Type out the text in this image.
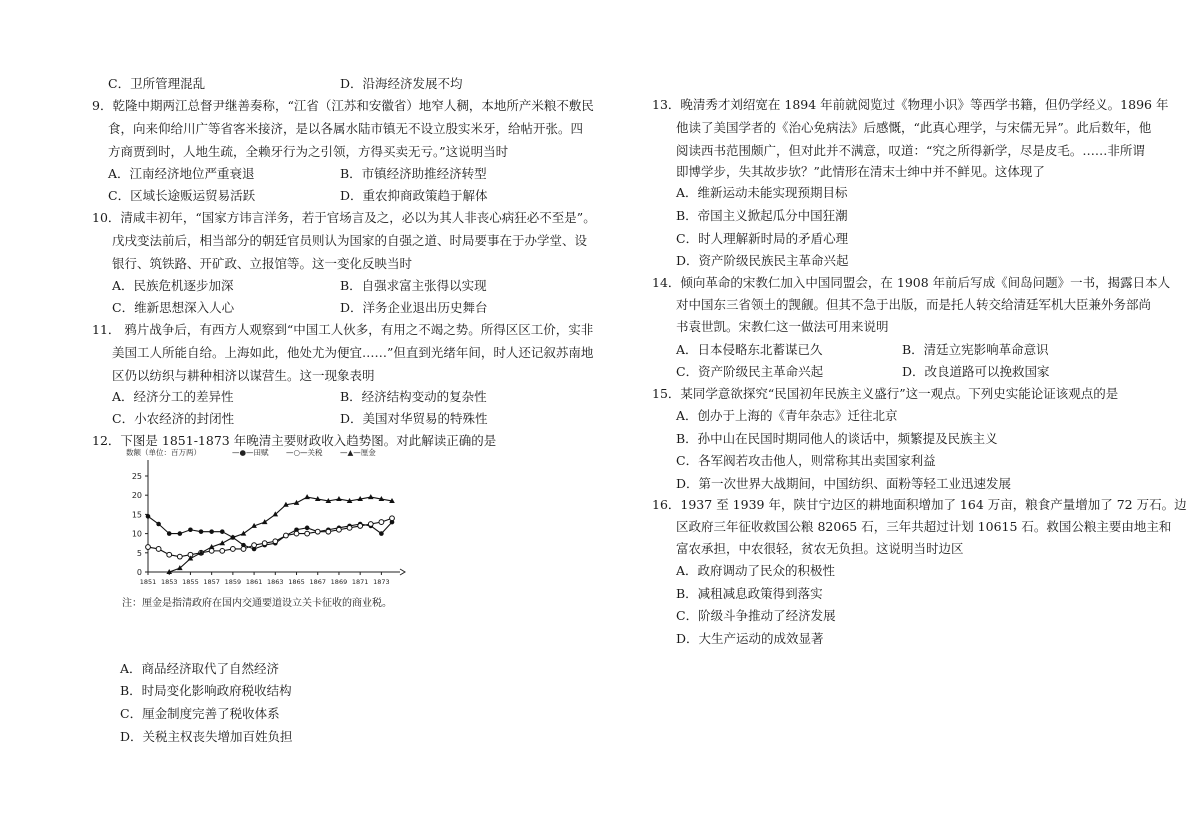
C．卫所管理混乱	D．沿海经济发展不均
9．乾隆中期两江总督尹继善奏称，“江省（江苏和安徽省）地窄人稠，本地所产米粮不敷民
食，向来仰给川广等省客米接济，是以各属水陆市镇无不设立殷实米牙，给帖开张。四
方商贾到时，人地生疏，全赖牙行为之引领，方得买卖无亏。”这说明当时
A．江南经济地位严重衰退	B．市镇经济助推经济转型
C．区域长途贩运贸易活跃	D．重农抑商政策趋于解体
10．清咸丰初年，“国家方讳言洋务，若于官场言及之，必以为其人非丧心病狂必不至是”。
戊戌变法前后，相当部分的朝廷官员则认为国家的自强之道、时局要事在于办学堂、设
银行、筑铁路、开矿政、立报馆等。这一变化反映当时
A．民族危机逐步加深	B．自强求富主张得以实现
C．维新思想深入人心	D．洋务企业退出历史舞台
11． 鸦片战争后，有西方人观察到“中国工人伙多，有用之不竭之势。所得区区工价，实非
美国工人所能自给。上海如此，他处尤为便宜……”但直到光绪年间，时人还记叙苏南地
区仍以纺织与耕种相济以谋营生。这一现象表明
A．经济分工的差异性	B．经济结构变动的复杂性
C．小农经济的封闭性	D．美国对华贸易的特殊性
12．下图是 1851-1873 年晚清主要财政收入趋势图。对此解读正确的是
0
5
10
15
20
25
1851 1853 1855 1857 1859 1861 1863 1865 1867 1869 1871 1873
数额（单位：百万两）	—●—田赋 —○—关税 —▲—厘金
注：厘金是指清政府在国内交通要道设立关卡征收的商业税。
A．商品经济取代了自然经济
B．时局变化影响政府税收结构
C．厘金制度完善了税收体系
D．关税主权丧失增加百姓负担
13．晚清秀才刘绍宽在 1894 年前就阅览过《物理小识》等西学书籍，但仍学经义。1896 年
他读了美国学者的《治心免病法》后感慨，“此真心理学，与宋儒无异”。此后数年，他
阅读西书范围颇广，但对此并不满意，叹道：“究之所得新学，尽是皮毛。……非所谓
即博学步，失其故步欤？”此情形在清末士绅中并不鲜见。这体现了
A．维新运动未能实现预期目标
B．帝国主义掀起瓜分中国狂潮
C．时人理解新时局的矛盾心理
D．资产阶级民族民主革命兴起
14．倾向革命的宋教仁加入中国同盟会，在 1908 年前后写成《间岛问题》一书，揭露日本人
对中国东三省领土的觊觎。但其不急于出版，而是托人转交给清廷军机大臣兼外务部尚
书袁世凯。宋教仁这一做法可用来说明
A．日本侵略东北蓄谋已久	B．清廷立宪影响革命意识
C．资产阶级民主革命兴起	D．改良道路可以挽救国家
15．某同学意欲探究“民国初年民族主义盛行”这一观点。下列史实能论证该观点的是
A．创办于上海的《青年杂志》迁往北京
B．孙中山在民国时期同他人的谈话中，频繁提及民族主义
C．各军阀若攻击他人，则常称其出卖国家利益
D．第一次世界大战期间，中国纺织、面粉等轻工业迅速发展
16．1937 至 1939 年，陕甘宁边区的耕地面积增加了 164 万亩，粮食产量增加了 72 万石。边
区政府三年征收救国公粮 82065 石，三年共超过计划 10615 石。救国公粮主要由地主和
富农承担，中农很轻，贫农无负担。这说明当时边区
A．政府调动了民众的积极性
B．减租减息政策得到落实
C．阶级斗争推动了经济发展
D．大生产运动的成效显著
